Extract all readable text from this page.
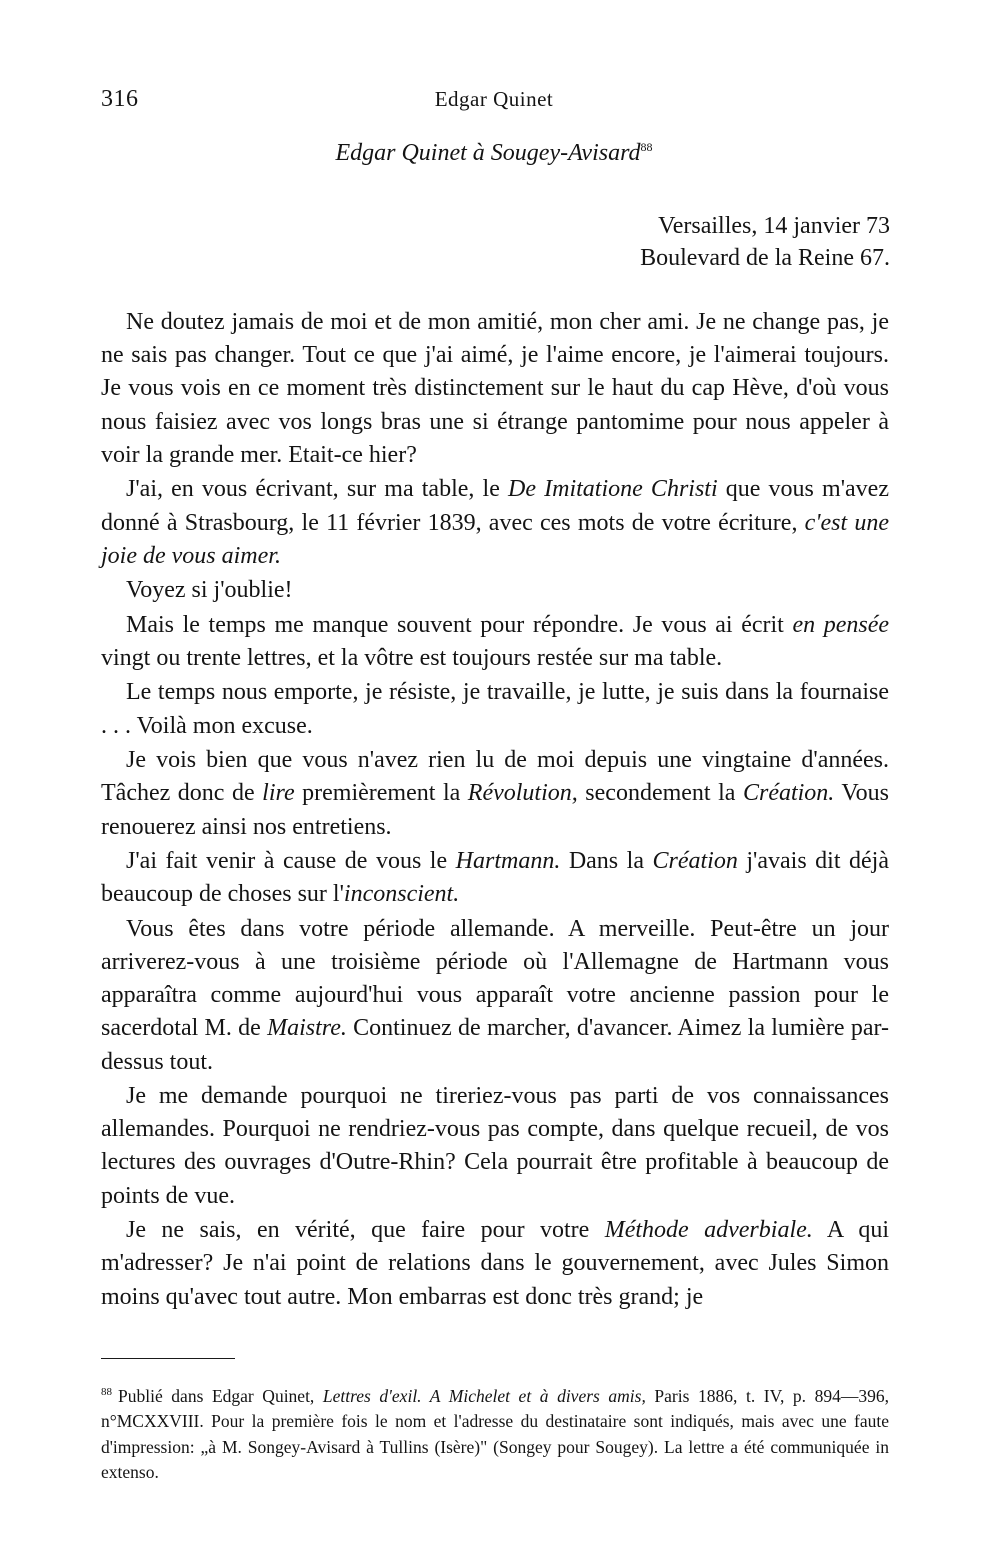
316	Edgar Quinet
Edgar Quinet à Sougey-Avisard$^{88}$
Versailles, 14 janvier 73
Boulevard de la Reine 67.

Ne doutez jamais de moi et de mon amitié, mon cher ami. Je ne change pas, je ne sais pas changer. Tout ce que j'ai aimé, je l'aime encore, je l'aimerai toujours. Je vous vois en ce moment très distinctement sur le haut du cap Hève, d'où vous nous faisiez avec vos longs bras une si étrange pantomime pour nous appeler à voir la grande mer. Etait-ce hier?

J'ai, en vous écrivant, sur ma table, le De Imitatione Christi que vous m'avez donné à Strasbourg, le 11 février 1839, avec ces mots de votre écriture, c'est une joie de vous aimer.

Voyez si j'oublie!

Mais le temps me manque souvent pour répondre. Je vous ai écrit en pensée vingt ou trente lettres, et la vôtre est toujours restée sur ma table.

Le temps nous emporte, je résiste, je travaille, je lutte, je suis dans la fournaise . . . Voilà mon excuse.

Je vois bien que vous n'avez rien lu de moi depuis une vingtaine d'années. Tâchez donc de lire premièrement la Révolution, secondement la Création. Vous renouerez ainsi nos entretiens.

J'ai fait venir à cause de vous le Hartmann. Dans la Création j'avais dit déjà beaucoup de choses sur l'inconscient.

Vous êtes dans votre période allemande. A merveille. Peut-être un jour arriverez-vous à une troisième période où l'Allemagne de Hartmann vous apparaîtra comme aujourd'hui vous apparaît votre ancienne passion pour le sacerdotal M. de Maistre. Continuez de marcher, d'avancer. Aimez la lumière par-dessus tout.

Je me demande pourquoi ne tireriez-vous pas parti de vos connaissances allemandes. Pourquoi ne rendriez-vous pas compte, dans quelque recueil, de vos lectures des ouvrages d'Outre-Rhin? Cela pourrait être profitable à beaucoup de points de vue.

Je ne sais, en vérité, que faire pour votre Méthode adverbiale. A qui m'adresser? Je n'ai point de relations dans le gouvernement, avec Jules Simon moins qu'avec tout autre. Mon embarras est donc très grand; je

$^{88}$ Publié dans Edgar Quinet, Lettres d'exil. A Michelet et à divers amis, Paris 1886, t. IV, p. 894—396, n°MCXXVIII. Pour la première fois le nom et l'adresse du destinataire sont indiqués, mais avec une faute d'impression: „à M. Songey-Avisard à Tullins (Isère)" (Songey pour Sougey). La lettre a été communiquée in extenso.
